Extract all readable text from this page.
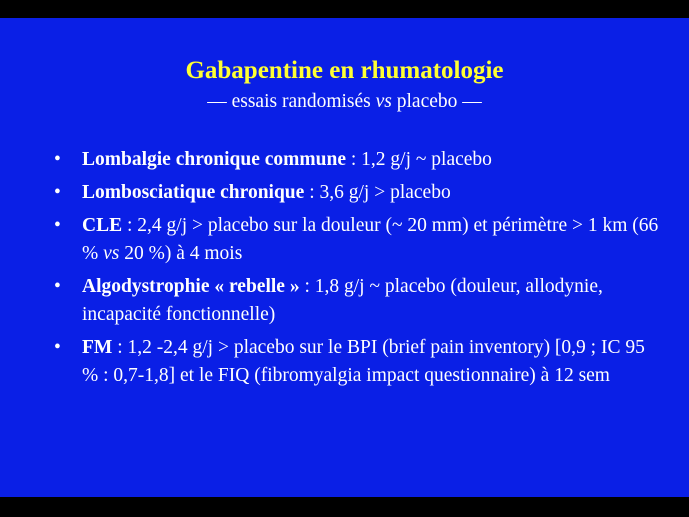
Gabapentine en rhumatologie
— essais randomisés vs placebo —
• Lombalgie chronique commune : 1,2 g/j ~ placebo
• Lombosciatique chronique : 3,6 g/j > placebo
• CLE : 2,4 g/j > placebo sur la douleur (~ 20 mm) et périmètre > 1 km (66 % vs 20 %) à 4 mois
• Algodystrophie « rebelle » : 1,8 g/j ~ placebo (douleur, allodynie, incapacité fonctionnelle)
• FM : 1,2 -2,4 g/j > placebo sur le BPI (brief pain inventory) [0,9 ; IC 95 % : 0,7-1,8] et le FIQ (fibromyalgia impact questionnaire) à 12 sem
